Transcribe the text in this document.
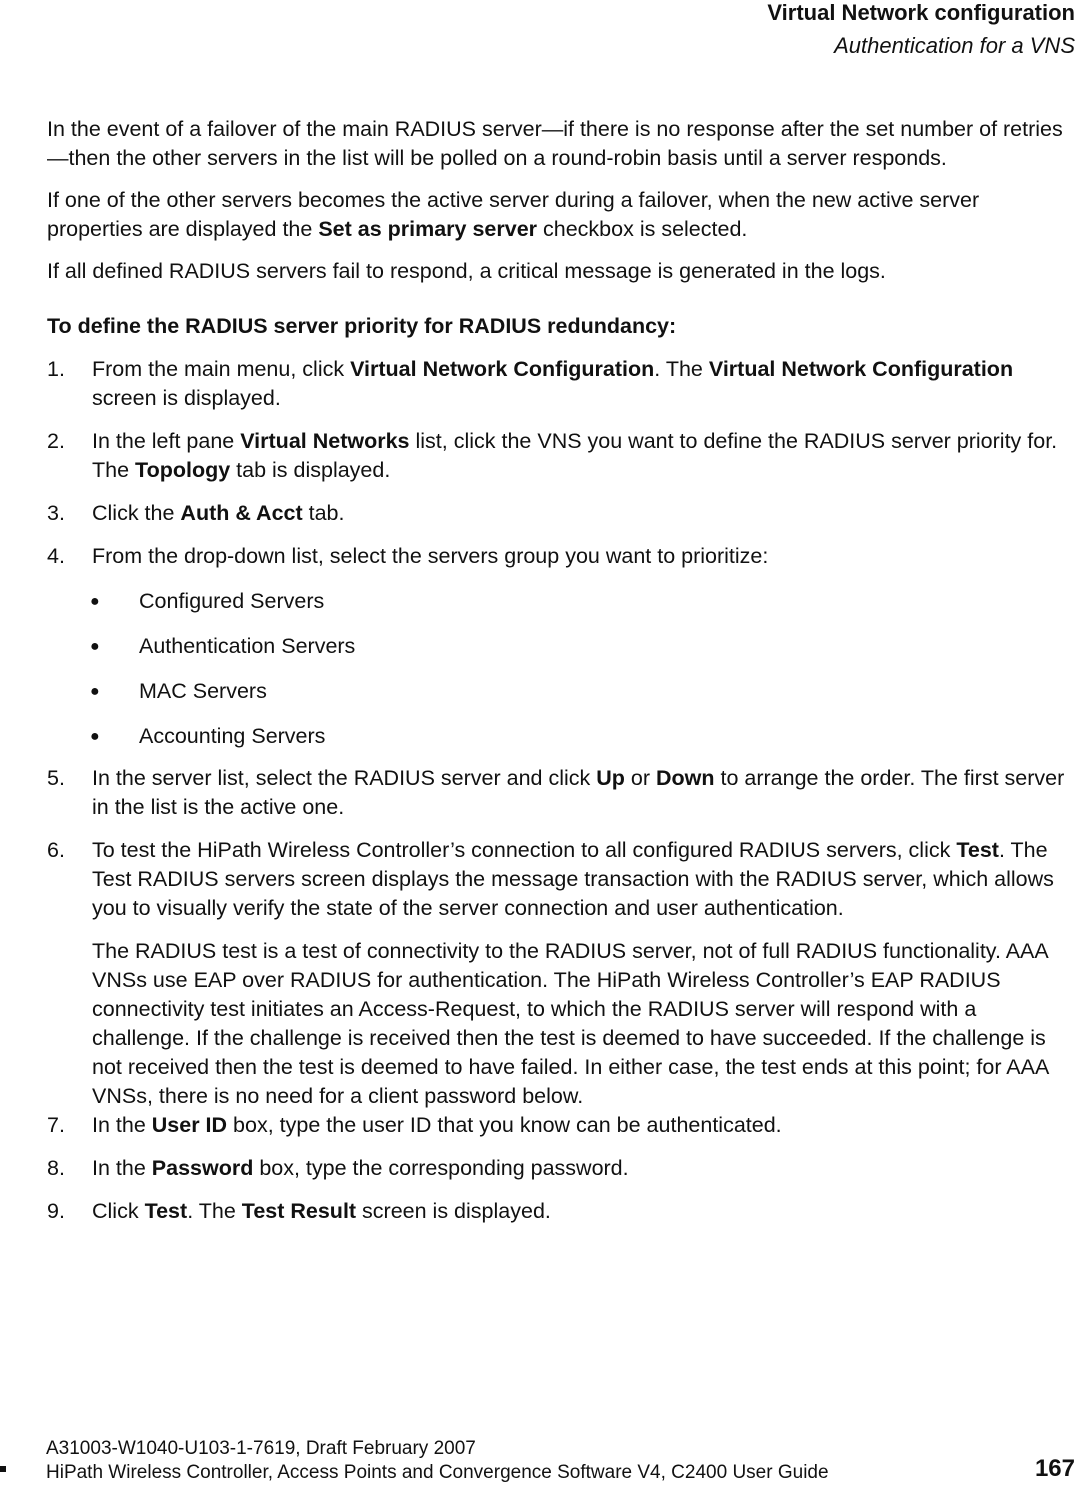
Virtual Network configuration
Authentication for a VNS

In the event of a failover of the main RADIUS server—if there is no response after the set number of retries—then the other servers in the list will be polled on a round-robin basis until a server responds.

If one of the other servers becomes the active server during a failover, when the new active server properties are displayed the Set as primary server checkbox is selected.

If all defined RADIUS servers fail to respond, a critical message is generated in the logs.

To define the RADIUS server priority for RADIUS redundancy:

1. From the main menu, click Virtual Network Configuration. The Virtual Network Configuration screen is displayed.
2. In the left pane Virtual Networks list, click the VNS you want to define the RADIUS server priority for. The Topology tab is displayed.
3. Click the Auth & Acct tab.
4. From the drop-down list, select the servers group you want to prioritize:
● Configured Servers
● Authentication Servers
● MAC Servers
● Accounting Servers
5. In the server list, select the RADIUS server and click Up or Down to arrange the order. The first server in the list is the active one.
6. To test the HiPath Wireless Controller’s connection to all configured RADIUS servers, click Test. The Test RADIUS servers screen displays the message transaction with the RADIUS server, which allows you to visually verify the state of the server connection and user authentication.

The RADIUS test is a test of connectivity to the RADIUS server, not of full RADIUS functionality. AAA VNSs use EAP over RADIUS for authentication. The HiPath Wireless Controller’s EAP RADIUS connectivity test initiates an Access-Request, to which the RADIUS server will respond with a challenge. If the challenge is received then the test is deemed to have succeeded. If the challenge is not received then the test is deemed to have failed. In either case, the test ends at this point; for AAA VNSs, there is no need for a client password below.

7. In the User ID box, type the user ID that you know can be authenticated.
8. In the Password box, type the corresponding password.
9. Click Test. The Test Result screen is displayed.
A31003-W1040-U103-1-7619, Draft February 2007
HiPath Wireless Controller, Access Points and Convergence Software V4, C2400 User Guide	167
